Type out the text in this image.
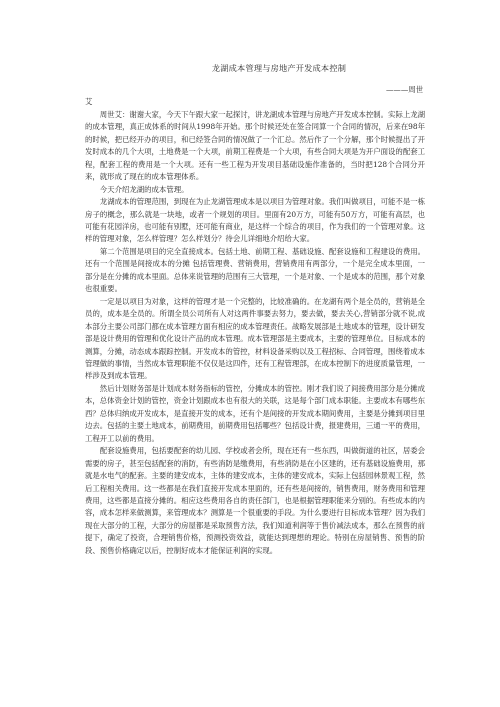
龙湖成本管理与房地产开发成本控制

———周世

艾

周世艾：谢谢大家，今天下午跟大家一起探讨，讲龙湖成本管理与房地产开发成本控制。实际上龙湖的成本管理，真正成体系的时间从1998年开始。那个时候还处在签合同算一个合同的情况，后来在98年的时候，把已经开办的项目，和已经签合同的情况做了一个汇总。然后作了一个分解，那个时候提出了开发时成本的几个大项，土地费是一个大项，前期工程费是一个大项，有些合同大项是为开户面设的配套工程，配套工程的费用是一个大项。还有一些工程为开发项目基础设施作准备的，当时把128个合同分开来，就形成了现在的成本管理体系。

今天介绍龙湖的成本管理。

龙湖成本的管理范围，到现在为止龙湖管理成本是以项目为管理对象。我们叫做项目，可能不是一栋房子的概念，那么就是一块地，或者一个规划的项目。里面有20万方，可能有50万方，可能有高层，也可能有花园洋房，也可能有别墅，还可能有商业，是这样一个综合的项目，作为我们的一个管理对象。这样的管理对象，怎么样管理？怎么样划分？待会儿详细地介绍给大家。

第二个范围是项目的完全直接成本。包括土地、前期工程、基础设施、配套设施和工程建设的费用。还有一个范围是间接成本的分摊 包括管理费、营销费用，营销费用有两部分，一个是完全成本里面，一部分是在分摊的成本里面。总体来说管理的范围有三大管理，一个是对象、一个是成本的范围，那个对象也很重要。

一定是以项目为对象，这样的管理才是一个完整的，比较准确的。在龙湖有两个是全员的，营销是全员的，成本是全员的。所谓全员公司所有人对这两件事要去努力，要去做，要去关心,营销部分就不说,成本部分主要公司部门都在成本管理方面有相应的成本管理责任。战略发展部是土地成本的管理，设计研发部是设计费用的管理和优化设计产品的成本管理。成本管理部是主要成本，主要的管理单位。目标成本的测算，分摊，动态成本跟踪控制。开发成本的管控，材料设备采购以及工程招标、合同管理，围绕着成本管理做的事情，当然成本管理职能不仅仅是这四件，还有工程管理部，在成本控制下的进度质量管理，一样涉及到成本管理。

然后计划财务部是计划成本财务指标的管控，分摊成本的管控。刚才我们说了间接费用部分是分摊成本，总体资金计划的管控，资金计划跟成本也有很大的关联，这是每个部门成本职能。主要成本有哪些东西？总体归纳成开发成本，是直接开发的成本，还有个是间接的开发成本期间费用，主要是分摊到项目里边去。包括的主要土地成本，前期费用，前期费用包括哪些？包括设计费，报建费用，三通一平的费用，工程开工以前的费用。

配套设施费用，包括要配套的幼儿园、学校或者会所，现在还有一些东西，叫做街道的社区，居委会需要的房子，甚至包括配套的消防，有些消防是缴费用，有些消防是在小区建的，还有基础设施费用，那就是水电气的配套。主要的建安成本，主体的建安成本，主体的建安成本，实际上包括园林景观工程，然后工程相关费用。这一些都是在我们直接开发成本里面的，还有些是间接的，销售费用，财务费用和管理费用，这些都是直接分摊的。相应这些费用各自的责任部门，也是根据管理职能来分别的。有些成本的内容，成本怎样来做测算，来管理成本？测算是一个很重要的手段。为什么要进行目标成本管理？因为我们现在大部分的工程，大部分的房屋都是采取预售方法，我们知道利润等于售价减法成本，那么在预售的前提下，确定了投资，合理销售价格，预测投资效益，就能达到理想的理论。特别在房屋销售、预售的阶段、预售价格确定以后，控制好成本才能保证利润的实现。
